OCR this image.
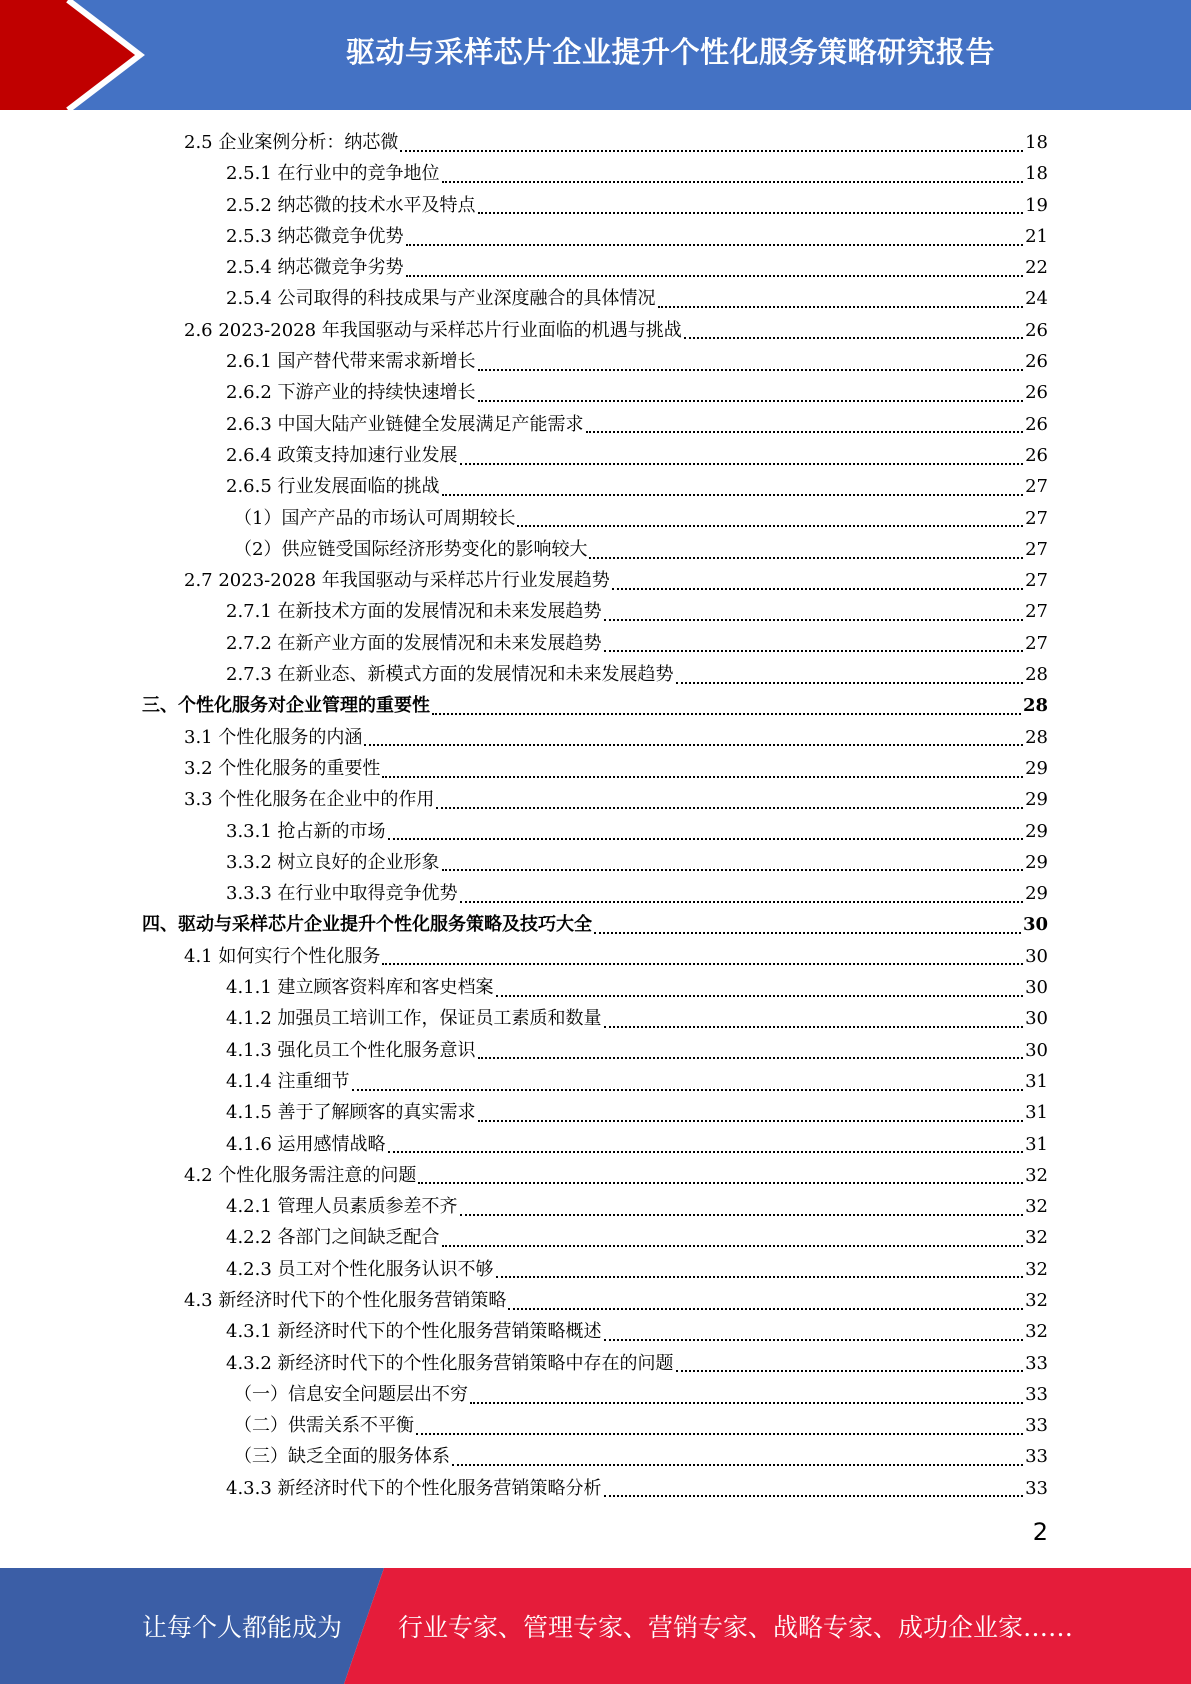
驱动与采样芯片企业提升个性化服务策略研究报告
2.5 企业案例分析：纳芯微	18
2.5.1 在行业中的竞争地位	18
2.5.2 纳芯微的技术水平及特点	19
2.5.3 纳芯微竞争优势	21
2.5.4 纳芯微竞争劣势	22
2.5.4 公司取得的科技成果与产业深度融合的具体情况	24
2.6 2023-2028 年我国驱动与采样芯片行业面临的机遇与挑战	26
2.6.1 国产替代带来需求新增长	26
2.6.2 下游产业的持续快速增长	26
2.6.3 中国大陆产业链健全发展满足产能需求	26
2.6.4 政策支持加速行业发展	26
2.6.5 行业发展面临的挑战	27
（1）国产产品的市场认可周期较长	27
（2）供应链受国际经济形势变化的影响较大	27
2.7 2023-2028 年我国驱动与采样芯片行业发展趋势	27
2.7.1 在新技术方面的发展情况和未来发展趋势	27
2.7.2 在新产业方面的发展情况和未来发展趋势	27
2.7.3 在新业态、新模式方面的发展情况和未来发展趋势	28
三、个性化服务对企业管理的重要性	28
3.1 个性化服务的内涵	28
3.2 个性化服务的重要性	29
3.3 个性化服务在企业中的作用	29
3.3.1 抢占新的市场	29
3.3.2 树立良好的企业形象	29
3.3.3 在行业中取得竞争优势	29
四、驱动与采样芯片企业提升个性化服务策略及技巧大全	30
4.1 如何实行个性化服务	30
4.1.1 建立顾客资料库和客史档案	30
4.1.2 加强员工培训工作，保证员工素质和数量	30
4.1.3 强化员工个性化服务意识	30
4.1.4 注重细节	31
4.1.5 善于了解顾客的真实需求	31
4.1.6 运用感情战略	31
4.2 个性化服务需注意的问题	32
4.2.1 管理人员素质参差不齐	32
4.2.2 各部门之间缺乏配合	32
4.2.3 员工对个性化服务认识不够	32
4.3 新经济时代下的个性化服务营销策略	32
4.3.1 新经济时代下的个性化服务营销策略概述	32
4.3.2 新经济时代下的个性化服务营销策略中存在的问题	33
（一）信息安全问题层出不穷	33
（二）供需关系不平衡	33
（三）缺乏全面的服务体系	33
4.3.3 新经济时代下的个性化服务营销策略分析	33
2
让每个人都能成为 行业专家、管理专家、营销专家、战略专家、成功企业家……
